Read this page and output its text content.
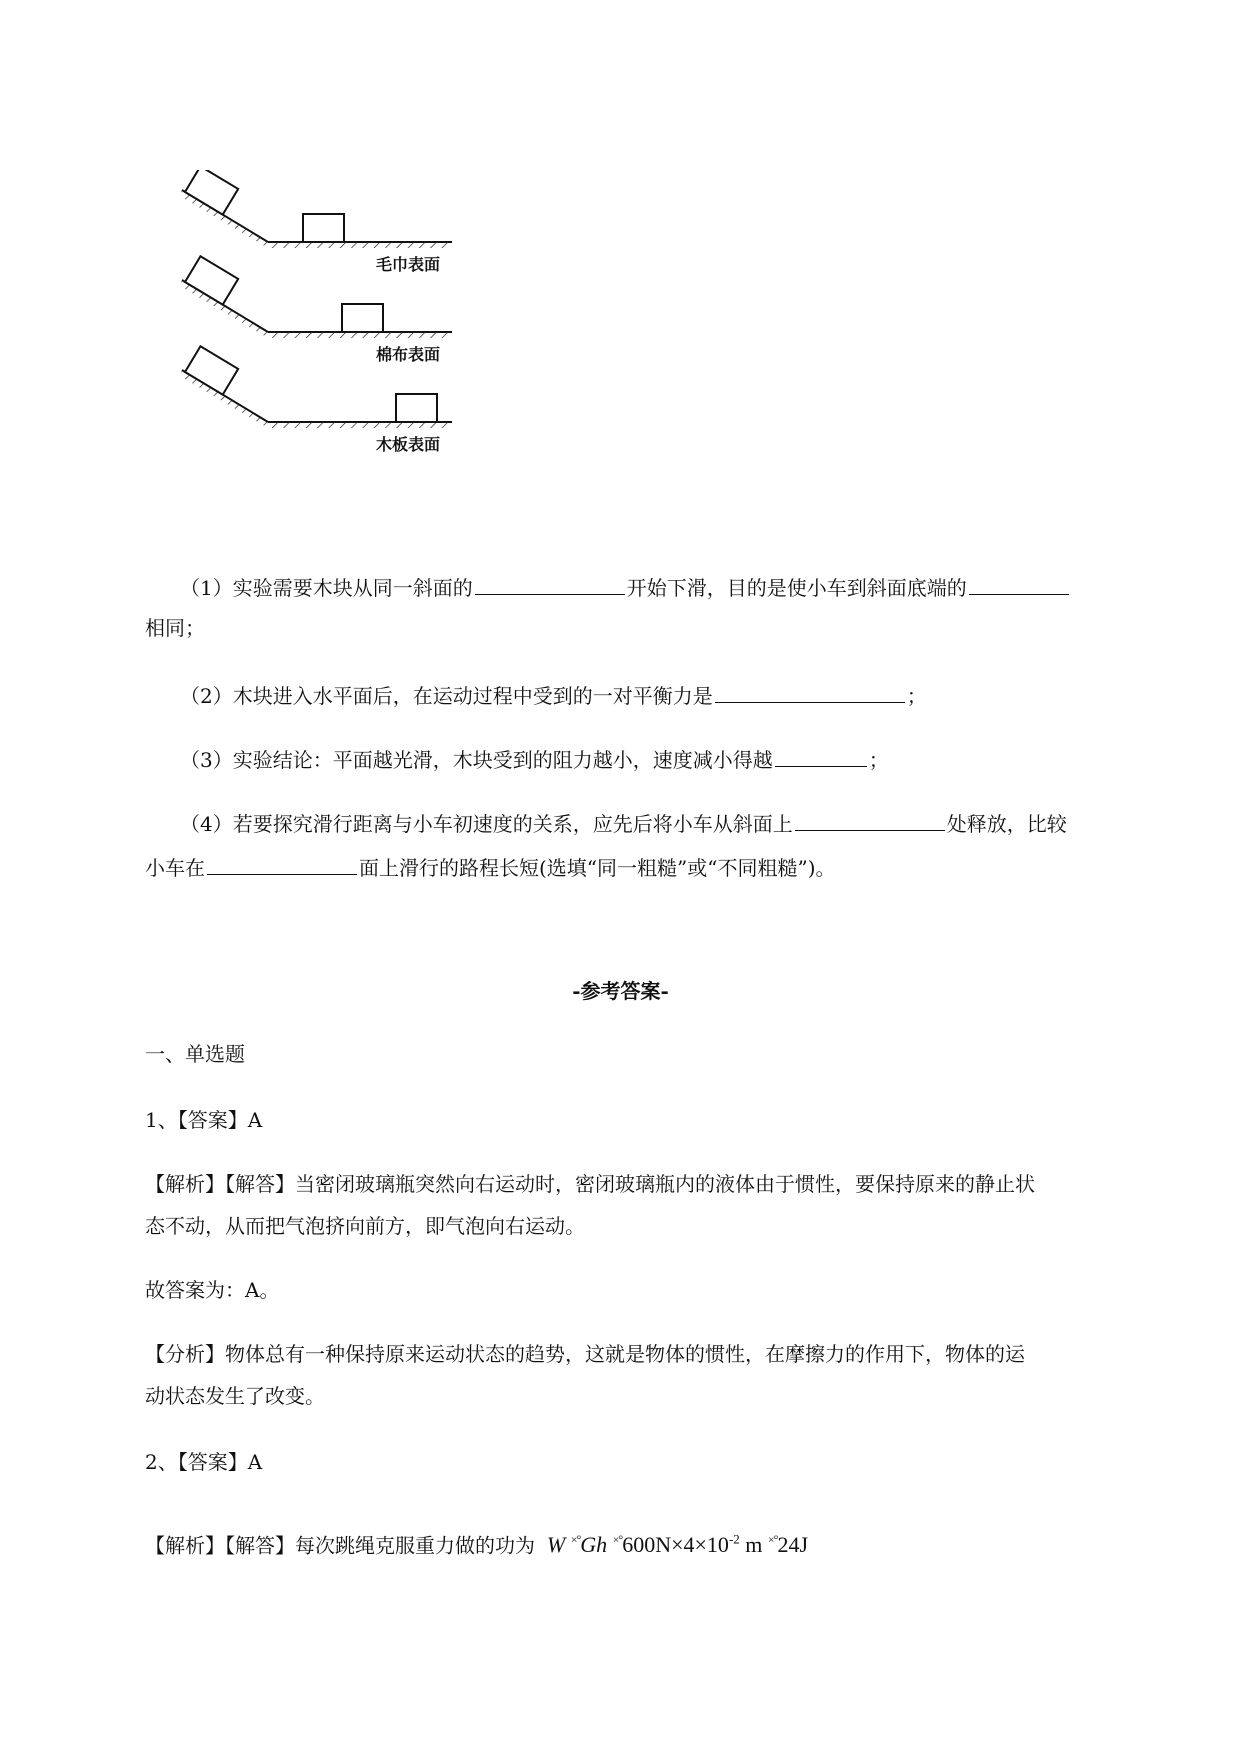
毛巾表面
棉布表面
木板表面
（1）实验需要木块从同一斜面的	开始下滑，目的是使小车到斜面底端的
相同；
（2）木块进入水平面后，在运动过程中受到的一对平衡力是	；
（3）实验结论：平面越光滑，木块受到的阻力越小，速度减小得越	；
（4）若要探究滑行距离与小车初速度的关系，应先后将小车从斜面上	处释放，比较
小车在	面上滑行的路程长短(选填“同一粗糙”或“不同粗糙”)。
-参考答案-
一、单选题
1、【答案】A
【解析】【解答】当密闭玻璃瓶突然向右运动时，密闭玻璃瓶内的液体由于惯性，要保持原来的静止状
态不动，从而把气泡挤向前方，即气泡向右运动。
故答案为：A。
【分析】物体总有一种保持原来运动状态的趋势，这就是物体的惯性，在摩擦力的作用下，物体的运
动状态发生了改变。
2、【答案】A
【解析】【解答】每次跳绳克服重力做的功为 W ×°Gh $^{\times^\circ}600N\times 4\times 10^{-2}$ m ×°24J
